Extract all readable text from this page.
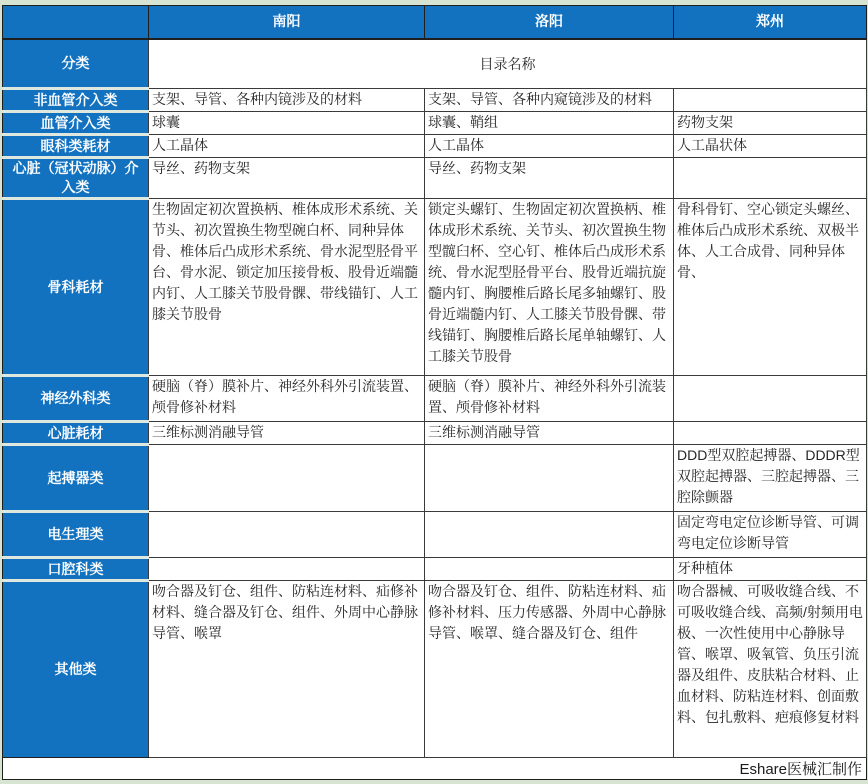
	南阳	洛阳	郑州
分类	目录名称		
非血管介入类	支架、导管、各种内镜涉及的材料	支架、导管、各种内窥镜涉及的材料	
血管介入类	球囊	球囊、鞘组	药物支架
眼科类耗材	人工晶体	人工晶体	人工晶状体
心脏（冠状动脉）介入类	导丝、药物支架	导丝、药物支架	
骨科耗材	生物固定初次置换柄、椎体成形术系统、关节头、初次置换生物型碗白杯、同种异体骨、椎体后凸成形术系统、骨水泥型胫骨平台、骨水泥、锁定加压接骨板、股骨近端髓内钉、人工膝关节股骨髁、带线锚钉、人工膝关节股骨	锁定头螺钉、生物固定初次置换柄、椎体成形术系统、关节头、初次置换生物型髋臼杯、空心钉、椎体后凸成形术系统、骨水泥型胫骨平台、股骨近端抗旋髓内钉、胸腰椎后路长尾多轴螺钉、股骨近端髓内钉、人工膝关节股骨髁、带线锚钉、胸腰椎后路长尾单轴螺钉、人工膝关节股骨	骨科骨钉、空心锁定头螺丝、椎体后凸成形术系统、双极半体、人工合成骨、同种异体骨、
神经外科类	硬脑（脊）膜补片、神经外科外引流装置、颅骨修补材料	硬脑（脊）膜补片、神经外科外引流装置、颅骨修补材料	
心脏耗材	三维标测消融导管	三维标测消融导管	
起搏器类			DDD型双腔起搏器、DDDR型双腔起搏器、三腔起搏器、三腔除颤器
电生理类			固定弯电定位诊断导管、可调弯电定位诊断导管
口腔科类			牙种植体
其他类	吻合器及钉仓、组件、防粘连材料、疝修补材料、缝合器及钉仓、组件、外周中心静脉导管、喉罩	吻合器及钉仓、组件、防粘连材料、疝修补材料、压力传感器、外周中心静脉导管、喉罩、缝合器及钉仓、组件	吻合器械、可吸收缝合线、不可吸收缝合线、高频/射频用电极、一次性使用中心静脉导管、喉罩、吸氧管、负压引流器及组件、皮肤粘合材料、止血材料、防粘连材料、创面敷料、包扎敷料、疤痕修复材料
Eshare医械汇制作			
